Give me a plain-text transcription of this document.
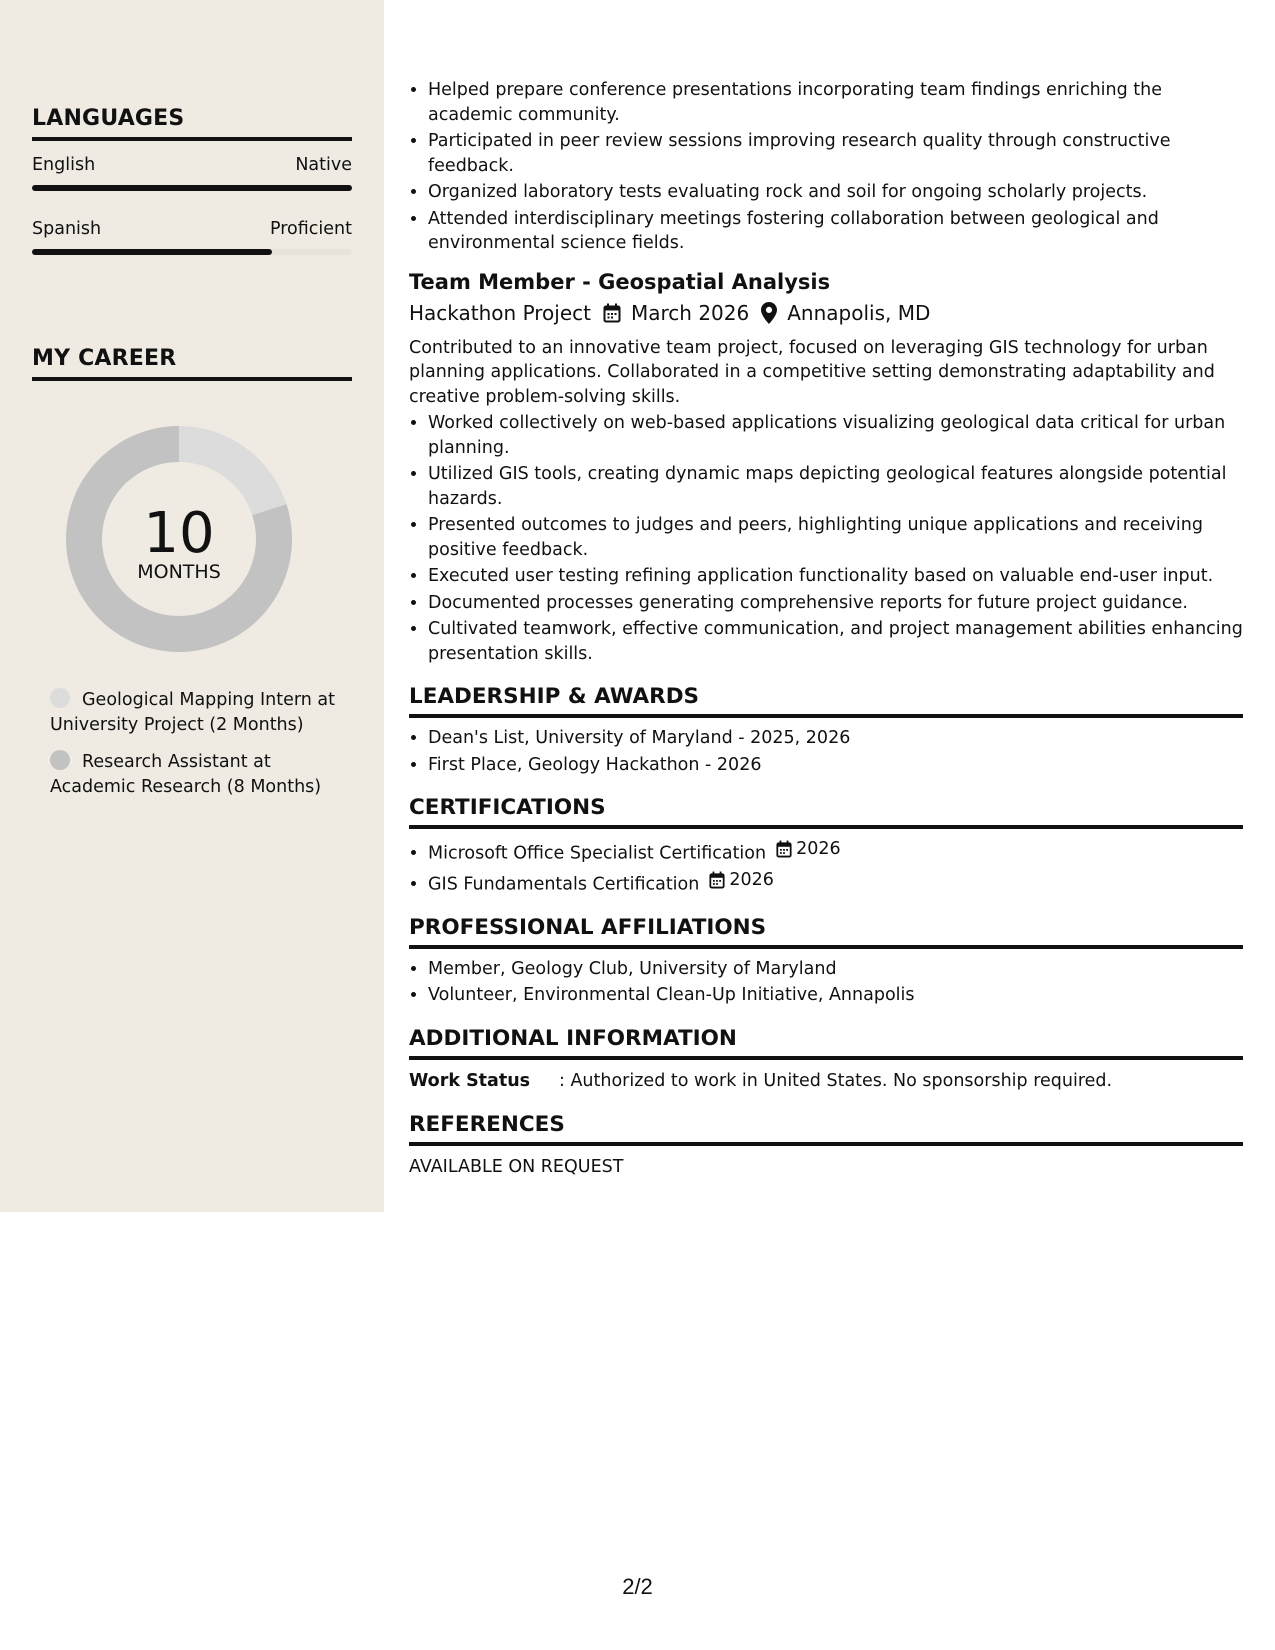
LANGUAGES
English	Native
Spanish	Proficient
MY CAREER
10
MONTHS
Geological Mapping Intern at University Project (2 Months)
Research Assistant at Academic Research (8 Months)
• Helped prepare conference presentations incorporating team findings enriching the academic community.
• Participated in peer review sessions improving research quality through constructive feedback.
• Organized laboratory tests evaluating rock and soil for ongoing scholarly projects.
• Attended interdisciplinary meetings fostering collaboration between geological and environmental science fields.
Team Member - Geospatial Analysis
Hackathon Project March 2026 Annapolis, MD

Contributed to an innovative team project, focused on leveraging GIS technology for urban planning applications. Collaborated in a competitive setting demonstrating adaptability and creative problem-solving skills.

• Worked collectively on web-based applications visualizing geological data critical for urban planning.
• Utilized GIS tools, creating dynamic maps depicting geological features alongside potential hazards.
• Presented outcomes to judges and peers, highlighting unique applications and receiving positive feedback.
• Executed user testing refining application functionality based on valuable end-user input.
• Documented processes generating comprehensive reports for future project guidance.
• Cultivated teamwork, effective communication, and project management abilities enhancing presentation skills.
LEADERSHIP & AWARDS
• Dean's List, University of Maryland - 2025, 2026
• First Place, Geology Hackathon - 2026
CERTIFICATIONS
• Microsoft Office Specialist Certification 2026
• GIS Fundamentals Certification 2026
PROFESSIONAL AFFILIATIONS
• Member, Geology Club, University of Maryland
• Volunteer, Environmental Clean-Up Initiative, Annapolis
ADDITIONAL INFORMATION
Work Status	: Authorized to work in United States. No sponsorship required.
REFERENCES
AVAILABLE ON REQUEST
2/2
